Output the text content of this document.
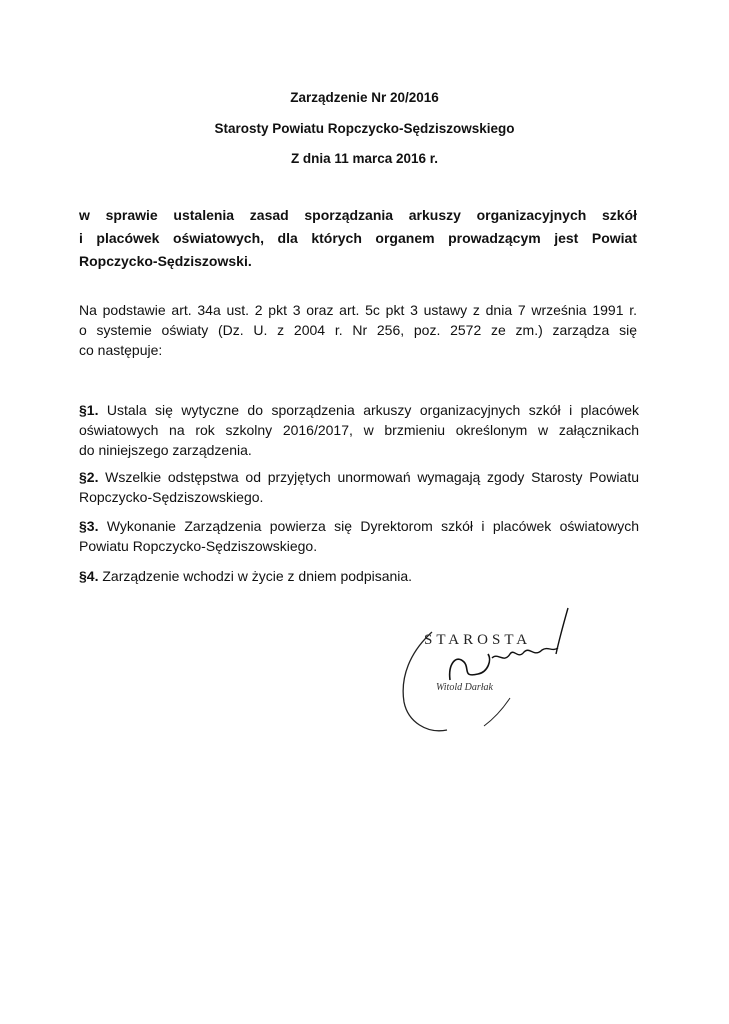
Zarządzenie Nr 20/2016
Starosty Powiatu Ropczycko-Sędziszowskiego
Z dnia 11 marca 2016 r.
w sprawie ustalenia zasad sporządzania arkuszy organizacyjnych szkół
i placówek oświatowych, dla których organem prowadzącym jest Powiat
Ropczycko-Sędziszowski.
Na podstawie art. 34a ust. 2 pkt 3 oraz art. 5c pkt 3 ustawy z dnia 7 września 1991 r.
o systemie oświaty (Dz. U. z 2004 r. Nr 256, poz. 2572 ze zm.) zarządza się
co następuje:
§1. Ustala się wytyczne do sporządzenia arkuszy organizacyjnych szkół i placówek
oświatowych na rok szkolny 2016/2017, w brzmieniu określonym w załącznikach
do niniejszego zarządzenia.
§2. Wszelkie odstępstwa od przyjętych unormowań wymagają zgody Starosty Powiatu
Ropczycko-Sędziszowskiego.
§3. Wykonanie Zarządzenia powierza się Dyrektorom szkół i placówek oświatowych
Powiatu Ropczycko-Sędziszowskiego.
§4. Zarządzenie wchodzi w życie z dniem podpisania.
STAROSTA
Witold Darłak
